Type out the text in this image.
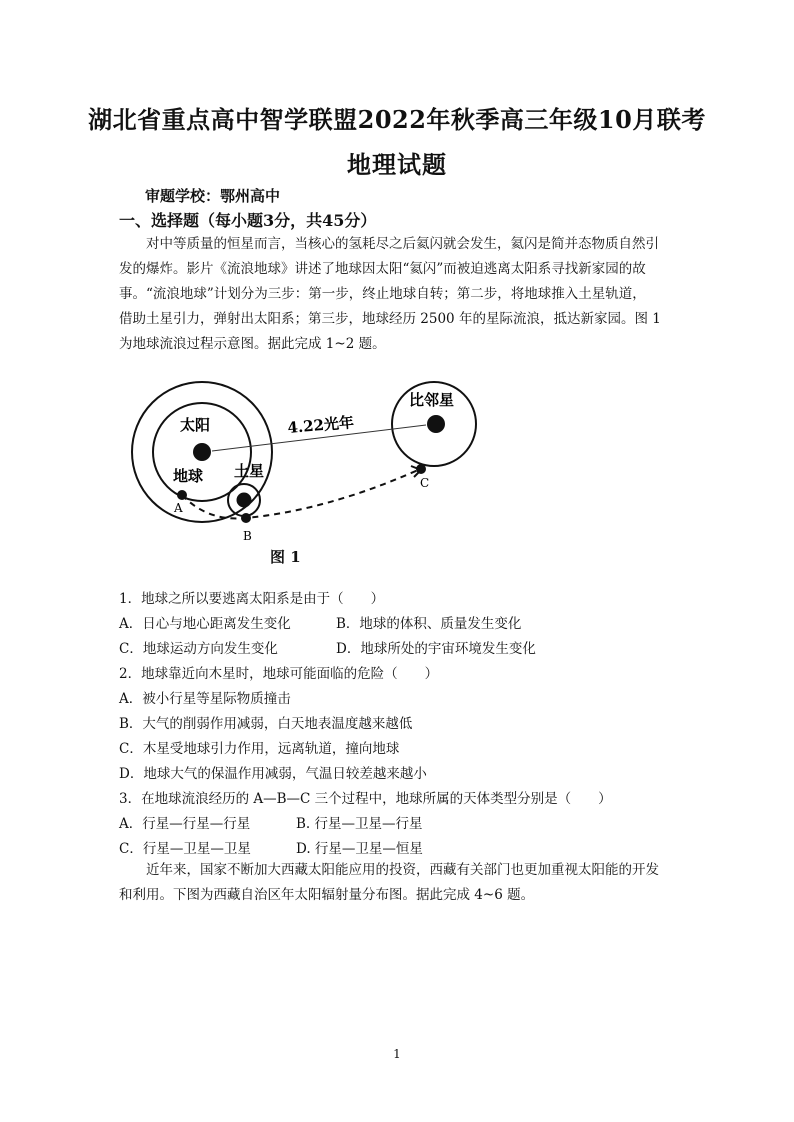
湖北省重点高中智学联盟2022年秋季高三年级10月联考
地理试题
审题学校：鄂州高中
一、选择题（每小题3分，共45分）
对中等质量的恒星而言，当核心的氢耗尽之后氦闪就会发生，氦闪是简并态物质自然引
发的爆炸。影片《流浪地球》讲述了地球因太阳“氦闪”而被迫逃离太阳系寻找新家园的故
事。“流浪地球”计划分为三步：第一步，终止地球自转；第二步，将地球推入土星轨道，
借助土星引力，弹射出太阳系；第三步，地球经历 2500 年的星际流浪，抵达新家园。图 1
为地球流浪过程示意图。据此完成 1~2 题。
太阳
地球 土星
比邻星
4.22光年
A
B
C
图 1
1．地球之所以要逃离太阳系是由于（　　）
A．日心与地心距离发生变化	B．地球的体积、质量发生变化
C．地球运动方向发生变化	D．地球所处的宇宙环境发生变化
2．地球靠近向木星时，地球可能面临的危险（　　）
A．被小行星等星际物质撞击
B．大气的削弱作用减弱，白天地表温度越来越低
C．木星受地球引力作用，远离轨道，撞向地球
D．地球大气的保温作用减弱，气温日较差越来越小
3．在地球流浪经历的 A—B—C 三个过程中，地球所属的天体类型分别是（　　）
A．行星—行星—行星	B. 行星—卫星—行星
C．行星—卫星—卫星	D. 行星—卫星—恒星
近年来，国家不断加大西藏太阳能应用的投资，西藏有关部门也更加重视太阳能的开发
和利用。下图为西藏自治区年太阳辐射量分布图。据此完成 4~6 题。
1
